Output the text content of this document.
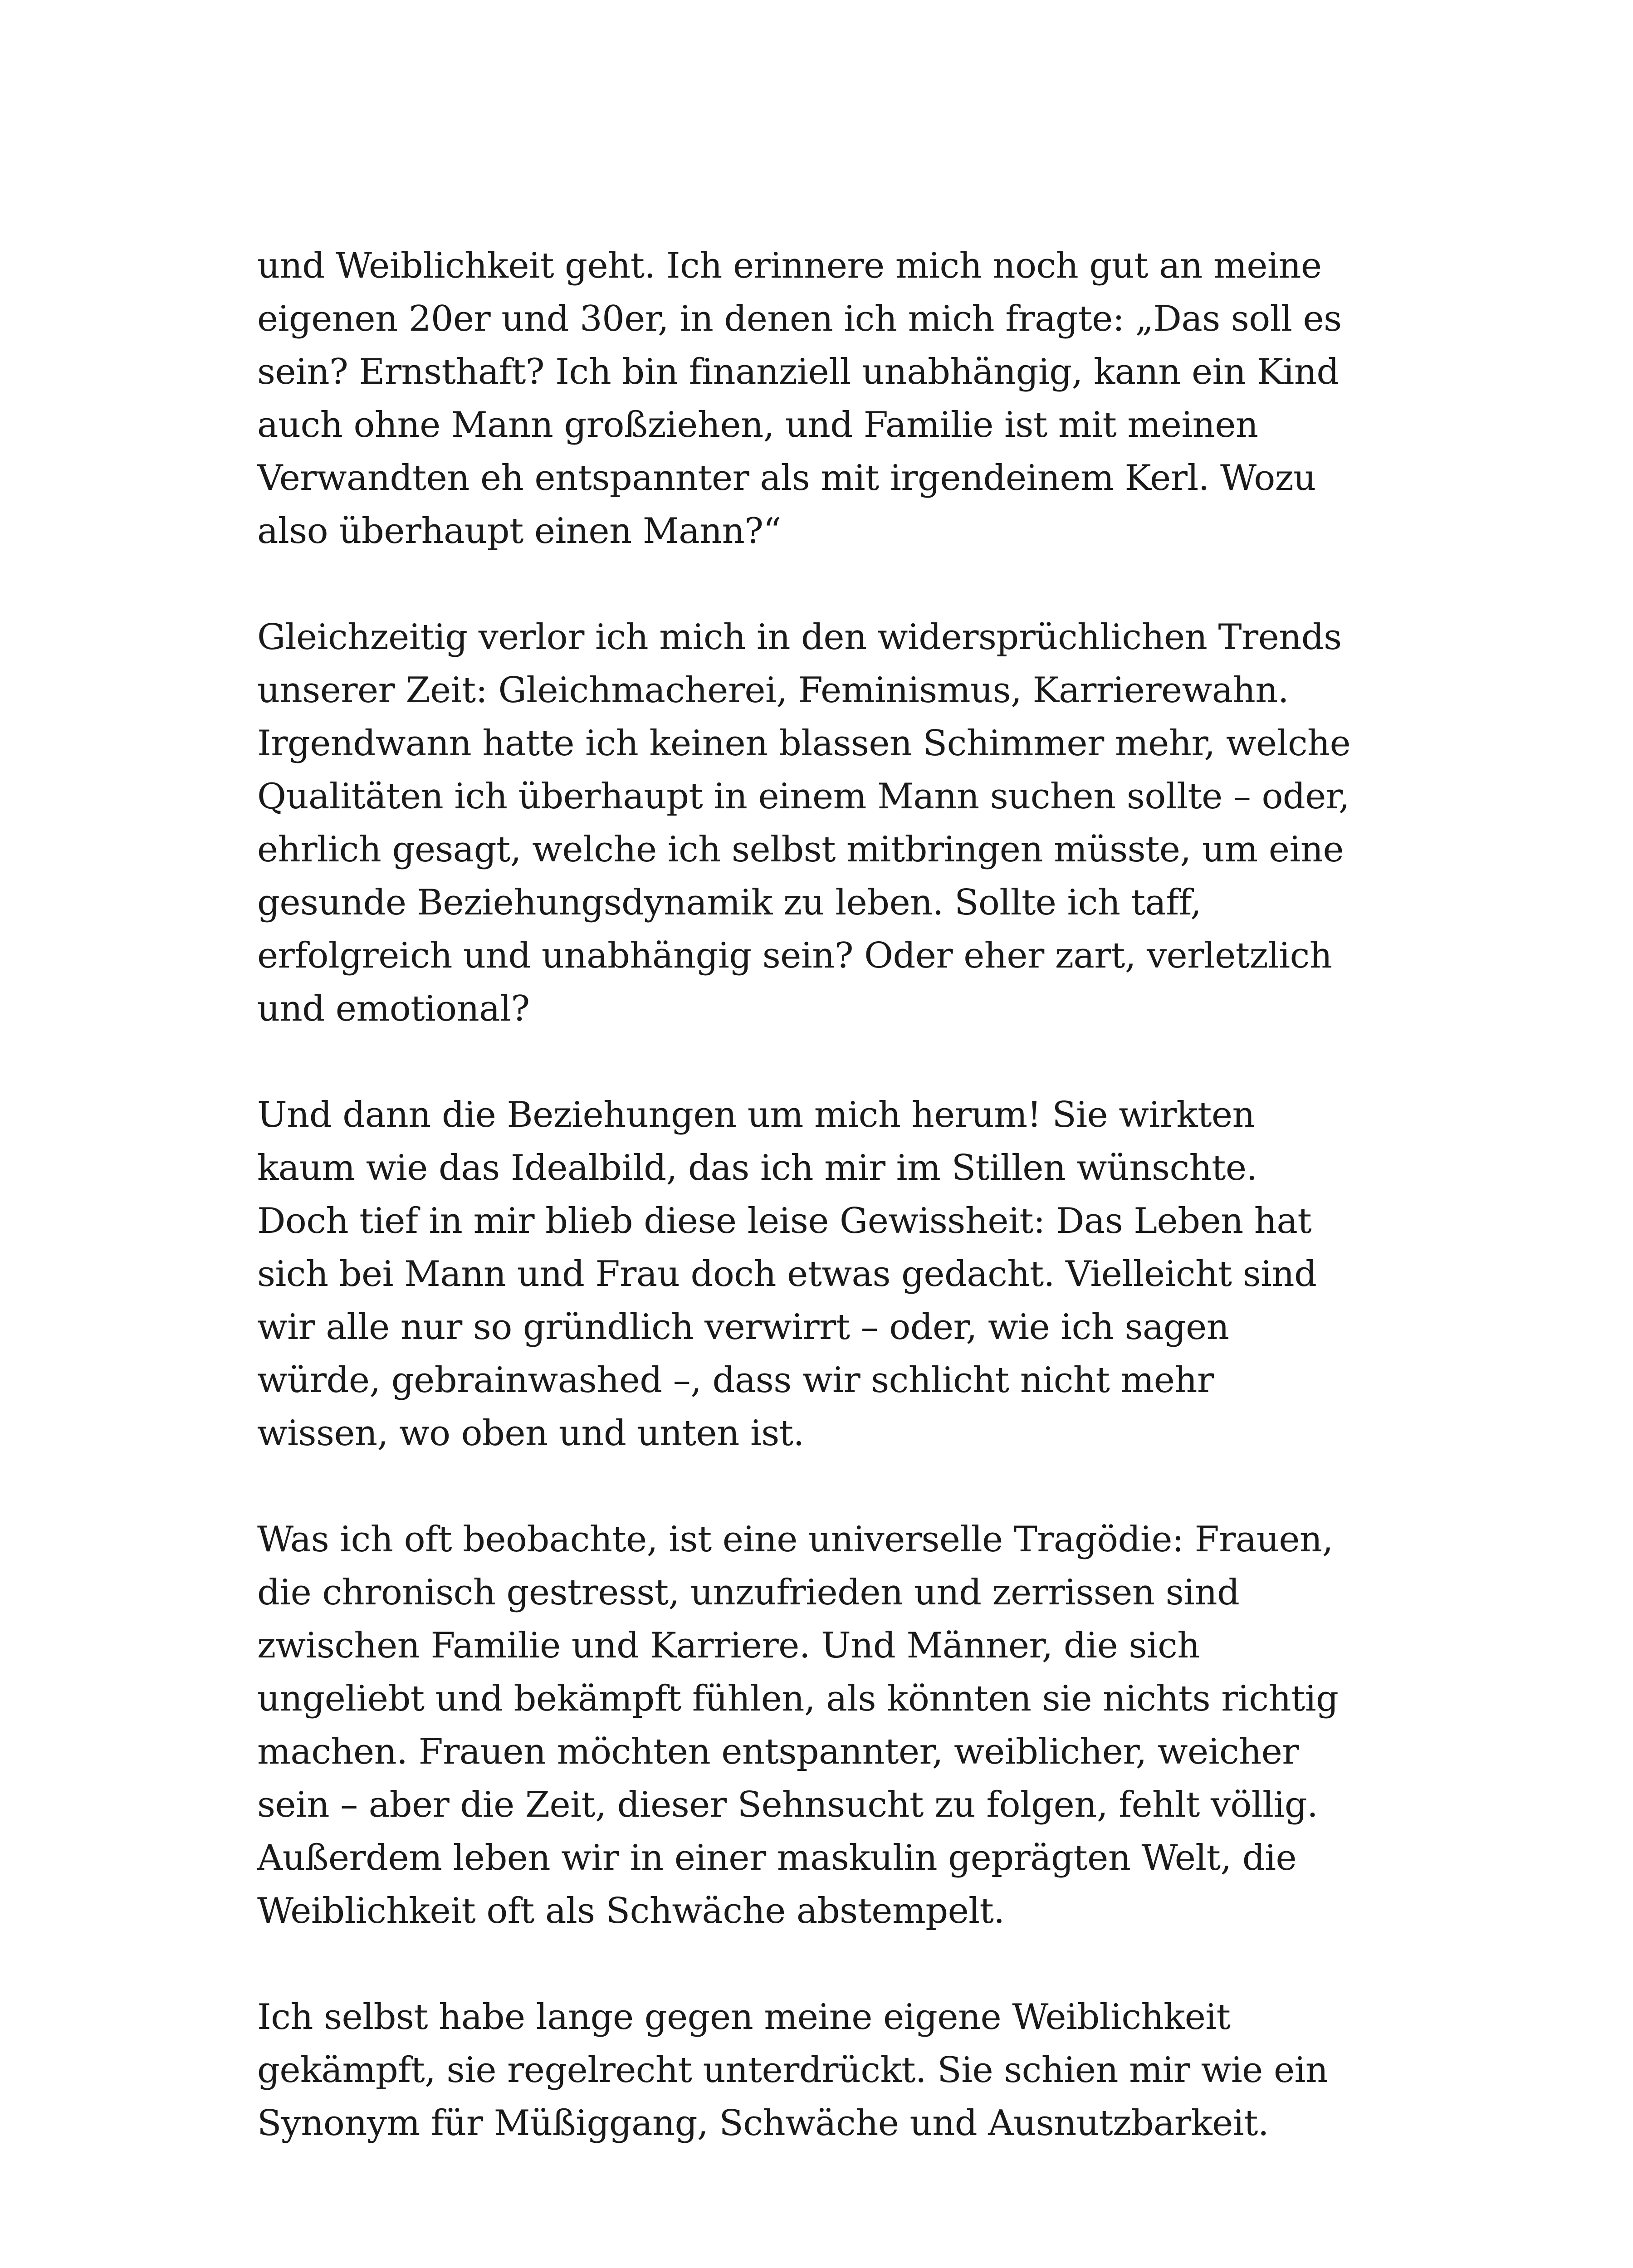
und Weiblichkeit geht. Ich erinnere mich noch gut an meine
eigenen 20er und 30er, in denen ich mich fragte: „Das soll es
sein? Ernsthaft? Ich bin finanziell unabhängig, kann ein Kind
auch ohne Mann großziehen, und Familie ist mit meinen
Verwandten eh entspannter als mit irgendeinem Kerl. Wozu
also überhaupt einen Mann?“

Gleichzeitig verlor ich mich in den widersprüchlichen Trends
unserer Zeit: Gleichmacherei, Feminismus, Karrierewahn.
Irgendwann hatte ich keinen blassen Schimmer mehr, welche
Qualitäten ich überhaupt in einem Mann suchen sollte – oder,
ehrlich gesagt, welche ich selbst mitbringen müsste, um eine
gesunde Beziehungsdynamik zu leben. Sollte ich taff,
erfolgreich und unabhängig sein? Oder eher zart, verletzlich
und emotional?

Und dann die Beziehungen um mich herum! Sie wirkten
kaum wie das Idealbild, das ich mir im Stillen wünschte.
Doch tief in mir blieb diese leise Gewissheit: Das Leben hat
sich bei Mann und Frau doch etwas gedacht. Vielleicht sind
wir alle nur so gründlich verwirrt – oder, wie ich sagen
würde, gebrainwashed –, dass wir schlicht nicht mehr
wissen, wo oben und unten ist.

Was ich oft beobachte, ist eine universelle Tragödie: Frauen,
die chronisch gestresst, unzufrieden und zerrissen sind
zwischen Familie und Karriere. Und Männer, die sich
ungeliebt und bekämpft fühlen, als könnten sie nichts richtig
machen. Frauen möchten entspannter, weiblicher, weicher
sein – aber die Zeit, dieser Sehnsucht zu folgen, fehlt völlig.
Außerdem leben wir in einer maskulin geprägten Welt, die
Weiblichkeit oft als Schwäche abstempelt.

Ich selbst habe lange gegen meine eigene Weiblichkeit
gekämpft, sie regelrecht unterdrückt. Sie schien mir wie ein
Synonym für Müßiggang, Schwäche und Ausnutzbarkeit.
